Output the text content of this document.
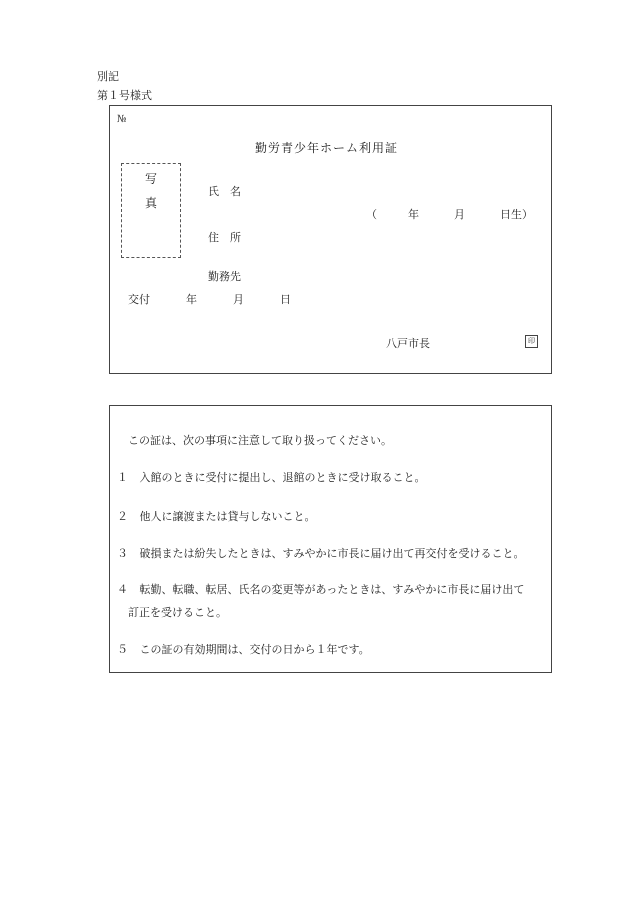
別記
第１号様式
№
勤労青少年ホーム利用証
写
真
氏　名
（	年	月	日生）
住　所
勤務先
交付	年	月	日
八戸市長	印
この証は、次の事項に注意して取り扱ってください。
１ 入館のときに受付に提出し、退館のときに受け取ること。
２ 他人に譲渡または貸与しないこと。
３ 破損または紛失したときは、すみやかに市長に届け出て再交付を受けること。
４ 転勤、転職、転居、氏名の変更等があったときは、すみやかに市長に届け出て
訂正を受けること。
５ この証の有効期間は、交付の日から１年です。
